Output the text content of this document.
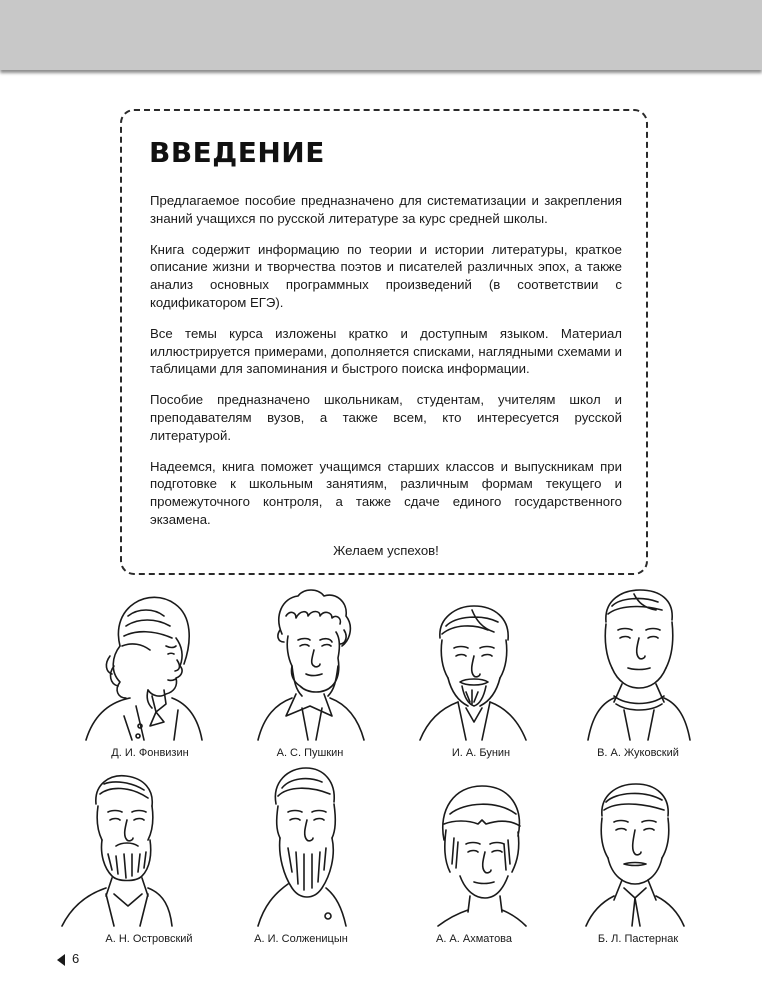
ВВЕДЕНИЕ

Предлагаемое пособие предназначено для систематизации и закрепления знаний учащихся по русской литературе за курс средней школы.

Книга содержит информацию по теории и истории литературы, краткое описание жизни и творчества поэтов и писателей различных эпох, а также анализ основных программных произведений (в соответствии с кодификатором ЕГЭ).

Все темы курса изложены кратко и доступным языком. Материал иллюстрируется примерами, дополняется списками, наглядными схемами и таблицами для запоминания и быстрого поиска информации.

Пособие предназначено школьникам, студентам, учителям школ и преподавателям вузов, а также всем, кто интересуется русской литературой.

Надеемся, книга поможет учащимся старших классов и выпускникам при подготовке к школьным занятиям, различным формам текущего и промежуточного контроля, а также сдаче единого государственного экзамена.

Желаем успехов!

Д. И. Фонвизин	А. С. Пушкин	И. А. Бунин	В. А. Жуковский
А. Н. Островский	А. И. Солженицын	А. А. Ахматова	Б. Л. Пастернак
6
